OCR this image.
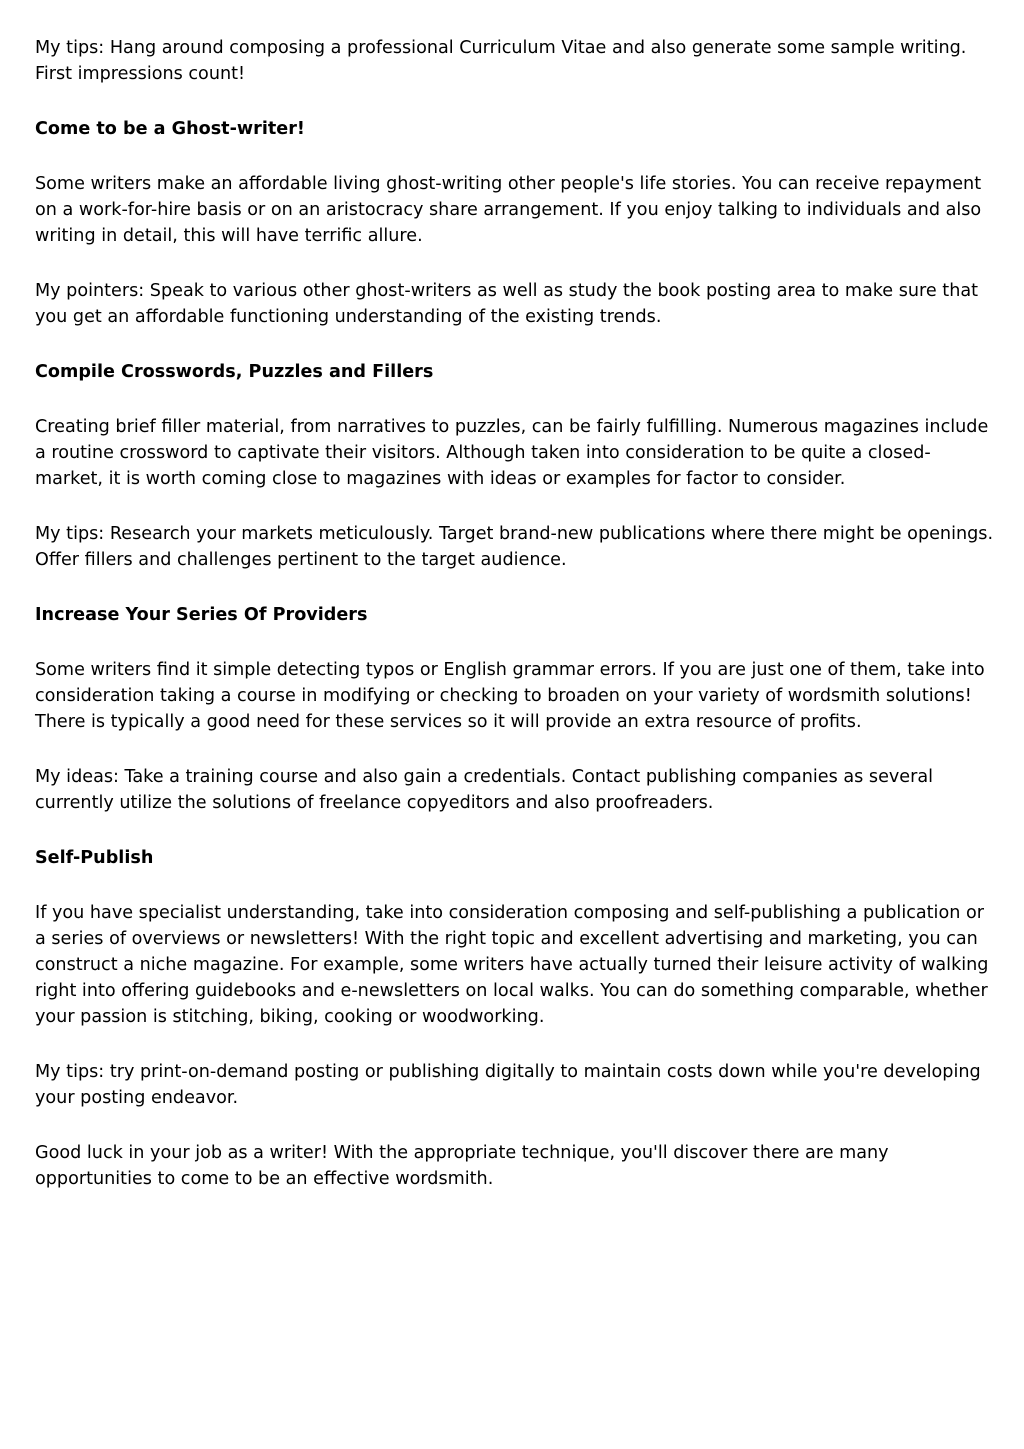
My tips: Hang around composing a professional Curriculum Vitae and also generate some sample writing. First impressions count!

Come to be a Ghost-writer!

Some writers make an affordable living ghost-writing other people's life stories. You can receive repayment on a work-for-hire basis or on an aristocracy share arrangement. If you enjoy talking to individuals and also writing in detail, this will have terrific allure.

My pointers: Speak to various other ghost-writers as well as study the book posting area to make sure that you get an affordable functioning understanding of the existing trends.

Compile Crosswords, Puzzles and Fillers

Creating brief filler material, from narratives to puzzles, can be fairly fulfilling. Numerous magazines include a routine crossword to captivate their visitors. Although taken into consideration to be quite a closed-market, it is worth coming close to magazines with ideas or examples for factor to consider.

My tips: Research your markets meticulously. Target brand-new publications where there might be openings. Offer fillers and challenges pertinent to the target audience.

Increase Your Series Of Providers

Some writers find it simple detecting typos or English grammar errors. If you are just one of them, take into consideration taking a course in modifying or checking to broaden on your variety of wordsmith solutions! There is typically a good need for these services so it will provide an extra resource of profits.

My ideas: Take a training course and also gain a credentials. Contact publishing companies as several currently utilize the solutions of freelance copyeditors and also proofreaders.

Self-Publish

If you have specialist understanding, take into consideration composing and self-publishing a publication or a series of overviews or newsletters! With the right topic and excellent advertising and marketing, you can construct a niche magazine. For example, some writers have actually turned their leisure activity of walking right into offering guidebooks and e-newsletters on local walks. You can do something comparable, whether your passion is stitching, biking, cooking or woodworking.

My tips: try print-on-demand posting or publishing digitally to maintain costs down while you're developing your posting endeavor.

Good luck in your job as a writer! With the appropriate technique, you'll discover there are many opportunities to come to be an effective wordsmith.
